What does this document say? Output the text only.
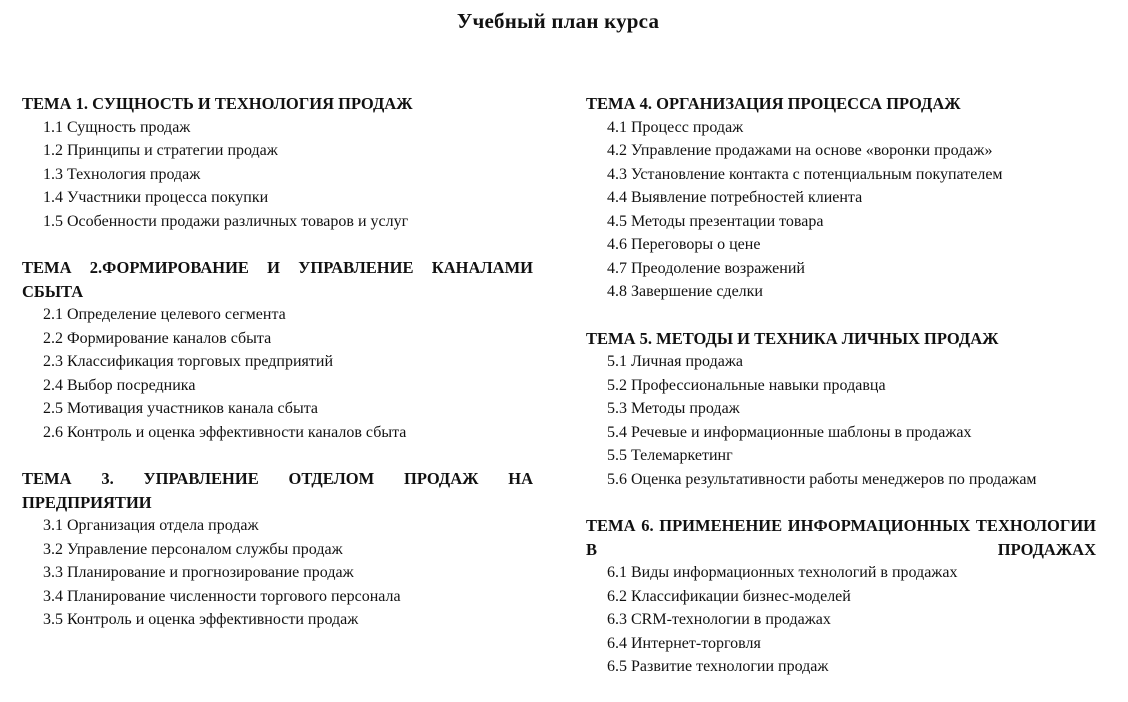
Учебный план курса
ТЕМА 1. СУЩНОСТЬ И ТЕХНОЛОГИЯ ПРОДАЖ
1.1 Сущность продаж
1.2 Принципы и стратегии продаж
1.3 Технология продаж
1.4 Участники процесса покупки
1.5 Особенности продажи различных товаров и услуг
ТЕМА 2.ФОРМИРОВАНИЕ И УПРАВЛЕНИЕ КАНАЛАМИ СБЫТА
2.1 Определение целевого сегмента
2.2 Формирование каналов сбыта
2.3 Классификация торговых предприятий
2.4 Выбор посредника
2.5 Мотивация участников канала сбыта
2.6 Контроль и оценка эффективности каналов сбыта
ТЕМА 3. УПРАВЛЕНИЕ ОТДЕЛОМ ПРОДАЖ НА ПРЕДПРИЯТИИ
3.1 Организация отдела продаж
3.2 Управление персоналом службы продаж
3.3 Планирование и прогнозирование продаж
3.4 Планирование численности торгового персонала
3.5 Контроль и оценка эффективности продаж
ТЕМА 4. ОРГАНИЗАЦИЯ ПРОЦЕССА ПРОДАЖ
4.1 Процесс продаж
4.2 Управление продажами на основе «воронки продаж»
4.3 Установление контакта с потенциальным покупателем
4.4 Выявление потребностей клиента
4.5 Методы презентации товара
4.6 Переговоры о цене
4.7 Преодоление возражений
4.8 Завершение сделки
ТЕМА 5. МЕТОДЫ И ТЕХНИКА ЛИЧНЫХ ПРОДАЖ
5.1 Личная продажа
5.2 Профессиональные навыки продавца
5.3 Методы продаж
5.4 Речевые и информационные шаблоны в продажах
5.5 Телемаркетинг
5.6 Оценка результативности работы менеджеров по продажам
ТЕМА 6. ПРИМЕНЕНИЕ ИНФОРМАЦИОННЫХ ТЕХНОЛОГИИ В ПРОДАЖАХ
6.1 Виды информационных технологий в продажах
6.2 Классификации бизнес-моделей
6.3 CRM-технологии в продажах
6.4 Интернет-торговля
6.5 Развитие технологии продаж
